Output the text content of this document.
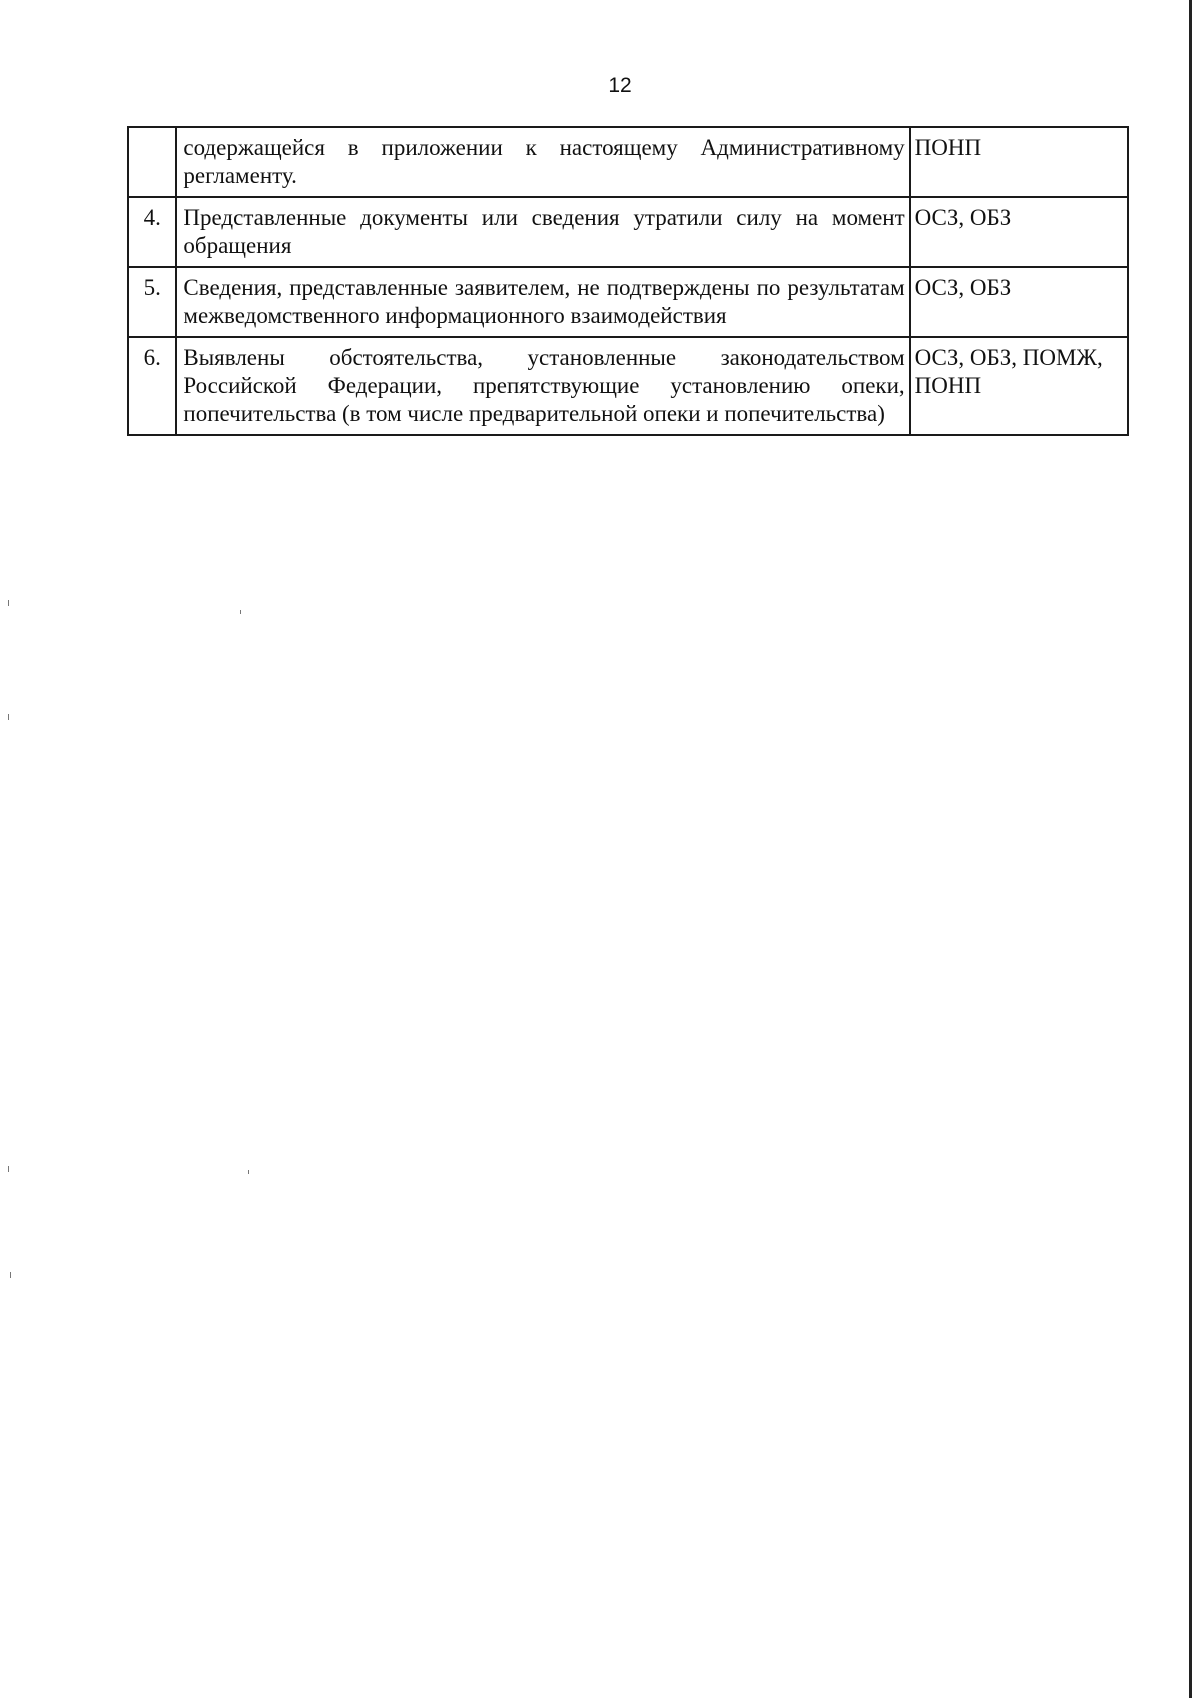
12
	содержащейся в приложении к настоящему Административному регламенту.	ПОНП
4.	Представленные документы или сведения утратили силу на момент обращения	ОСЗ, ОБЗ
5.	Сведения, представленные заявителем, не подтверждены по результатам межведомственного информационного взаимодействия	ОСЗ, ОБЗ
6.	Выявлены обстоятельства, установленные законодательством Российской Федерации, препятствующие установлению опеки, попечительства (в том числе предварительной опеки и попечительства)	ОСЗ, ОБЗ, ПОМЖ, ПОНП
